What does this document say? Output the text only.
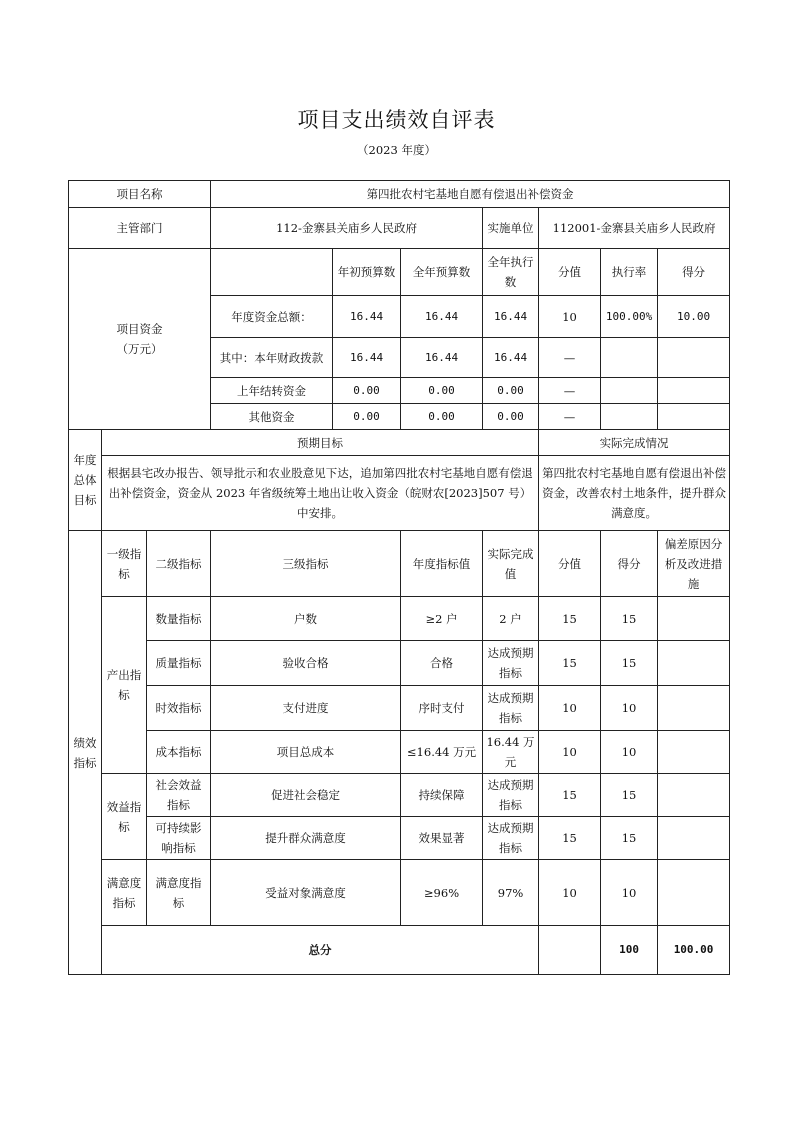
项目支出绩效自评表
（2023 年度）
项目名称			第四批农村宅基地自愿有偿退出补偿资金							
主管部门			112-金寨县关庙乡人民政府			实施单位	112001-金寨县关庙乡人民政府			
项目资金
（万元）				年初预算数	全年预算数	全年执行数	分值	执行率	得分	
			年度资金总额：	16.44	16.44	16.44	10	100.00%	10.00	
			其中：本年财政拨款	16.44	16.44	16.44	—			
			上年结转资金	0.00	0.00	0.00	—			
			其他资金	0.00	0.00	0.00	—			
年度总体目标	预期目标						实际完成情况			
	根据县宅改办报告、领导批示和农业股意见下达，追加第四批农村宅基地自愿有偿退出补偿资金，资金从 2023 年省级统筹土地出让收入资金（皖财农[2023]507 号）中安排。						第四批农村宅基地自愿有偿退出补偿资金，改善农村土地条件，提升群众满意度。			
绩效指标	一级指标	二级指标	三级指标		年度指标值	实际完成值	分值	得分	偏差原因分析及改进措施	
	产出指标	数量指标	户数		≥2 户	2 户	15	15		
		质量指标	验收合格		合格	达成预期指标	15	15		
		时效指标	支付进度		序时支付	达成预期指标	10	10		
		成本指标	项目总成本		≤16.44 万元	16.44 万元	10	10		
	效益指标	社会效益指标	促进社会稳定		持续保障	达成预期指标	15	15		
		可持续影响指标	提升群众满意度		效果显著	达成预期指标	15	15		
	满意度指标	满意度指标	受益对象满意度		≥96%	97%	10	10		
	总分							100	100.00	
